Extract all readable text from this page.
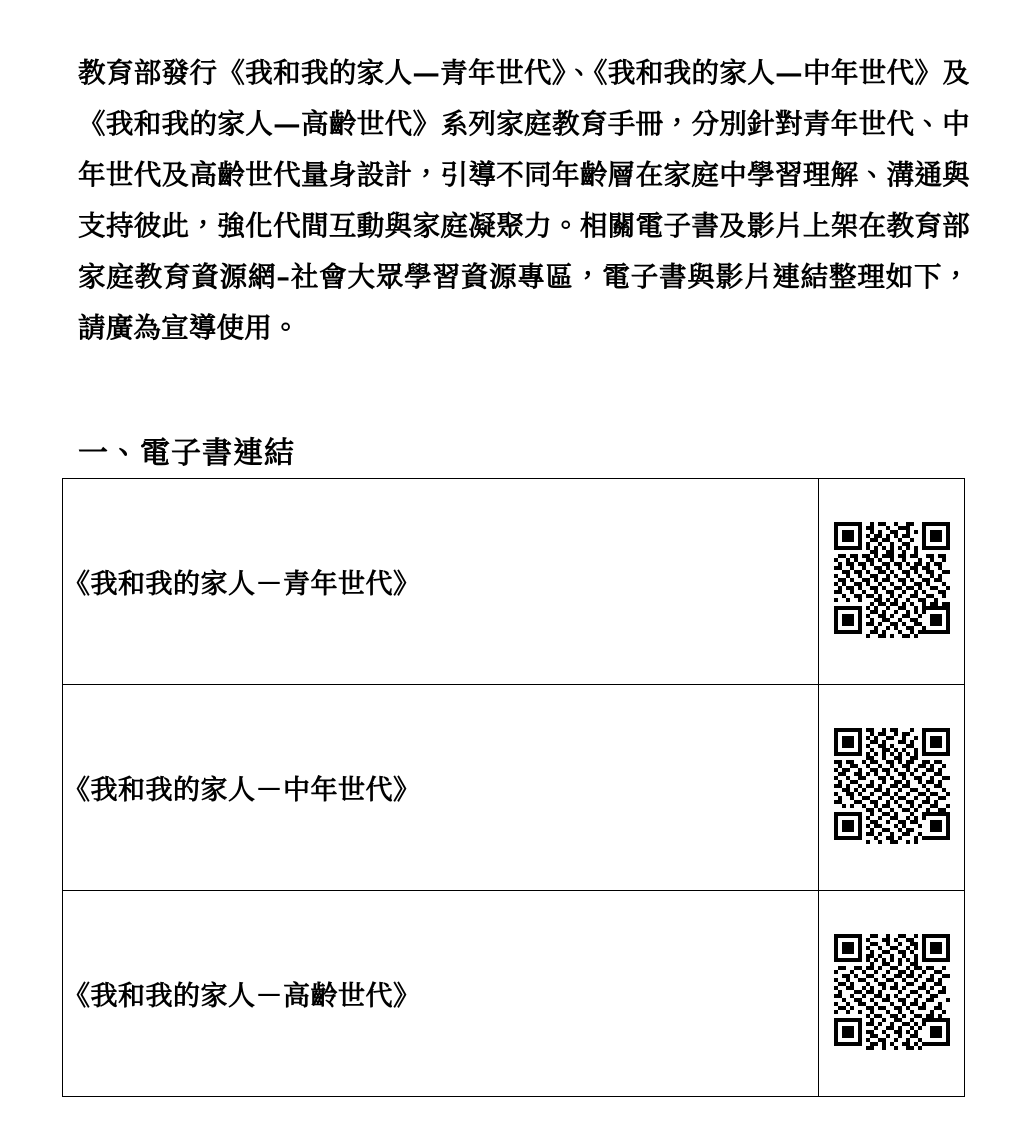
教育部發行《我和我的家人—青年世代》、《我和我的家人—中年世代》及《我和我的家人—高齡世代》系列家庭教育手冊，分別針對青年世代、中年世代及高齡世代量身設計，引導不同年齡層在家庭中學習理解、溝通與支持彼此，強化代間互動與家庭凝聚力。相關電子書及影片上架在教育部家庭教育資源網–社會大眾學習資源專區，電子書與影片連結整理如下，請廣為宣導使用。

一、電子書連結
《我和我的家人－青年世代》	

《我和我的家人－中年世代》	

《我和我的家人－高齡世代》	
